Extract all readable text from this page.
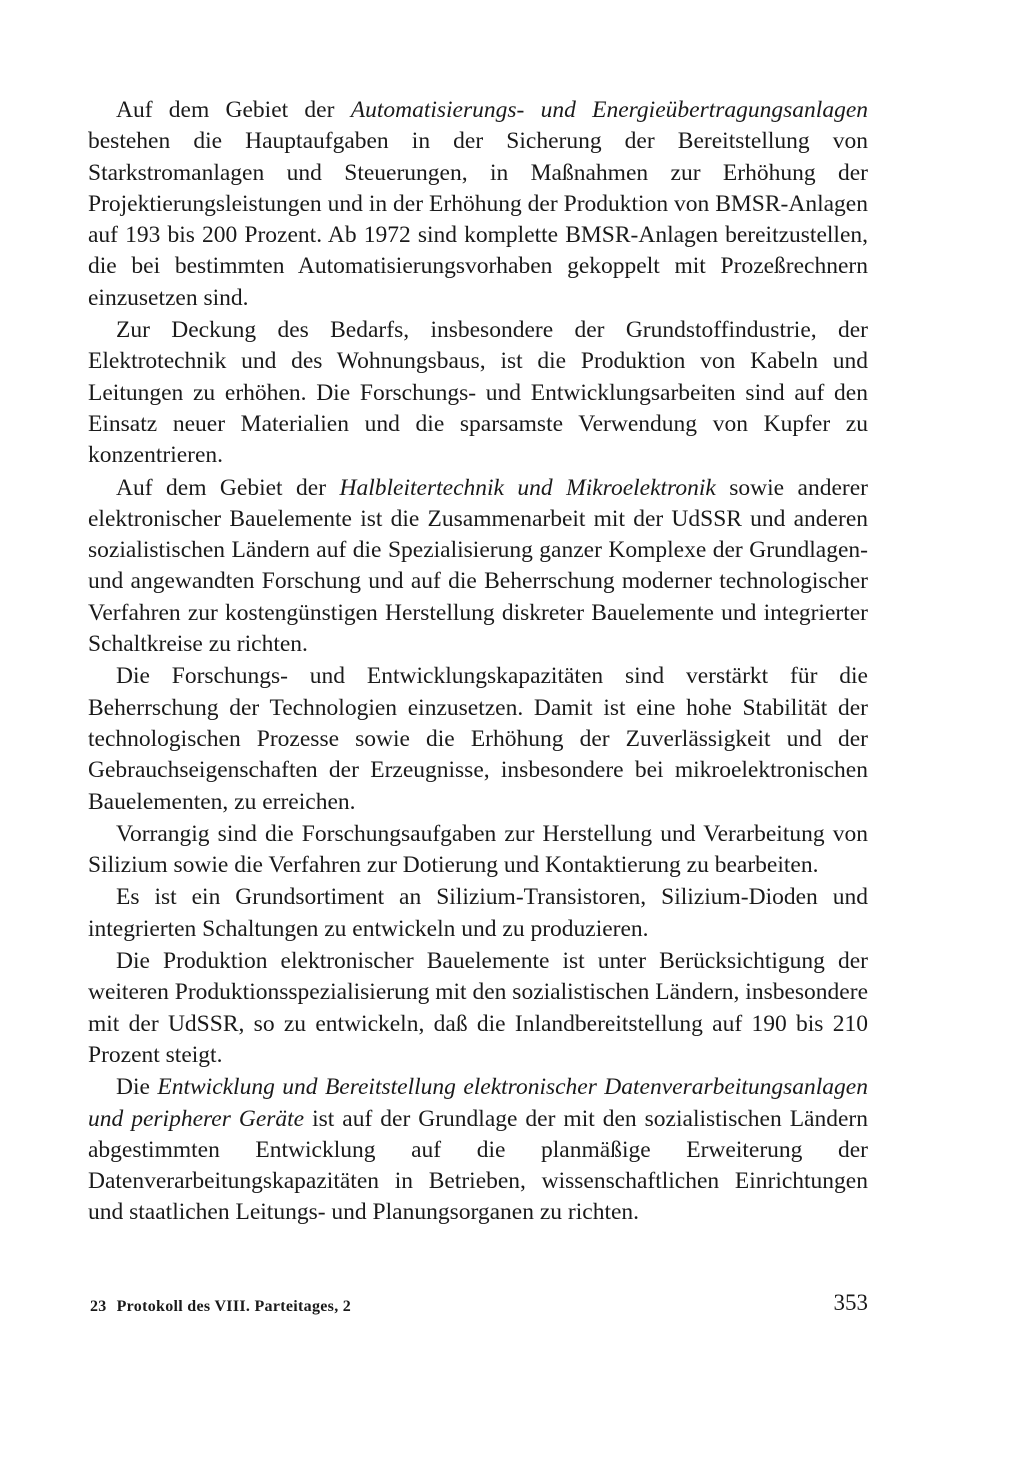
Auf dem Gebiet der Automatisierungs- und Energieübertragungsanlagen bestehen die Hauptaufgaben in der Sicherung der Bereitstellung von Starkstromanlagen und Steuerungen, in Maßnahmen zur Erhöhung der Projektierungsleistungen und in der Erhöhung der Produktion von BMSR-Anlagen auf 193 bis 200 Prozent. Ab 1972 sind komplette BMSR-Anlagen bereitzustellen, die bei bestimmten Automatisierungsvorhaben gekoppelt mit Prozeßrechnern einzusetzen sind.

Zur Deckung des Bedarfs, insbesondere der Grundstoffindustrie, der Elektrotechnik und des Wohnungsbaus, ist die Produktion von Kabeln und Leitungen zu erhöhen. Die Forschungs- und Entwicklungsarbeiten sind auf den Einsatz neuer Materialien und die sparsamste Verwendung von Kupfer zu konzentrieren.

Auf dem Gebiet der Halbleitertechnik und Mikroelektronik sowie anderer elektronischer Bauelemente ist die Zusammenarbeit mit der UdSSR und anderen sozialistischen Ländern auf die Spezialisierung ganzer Komplexe der Grundlagen- und angewandten Forschung und auf die Beherrschung moderner technologischer Verfahren zur kostengünstigen Herstellung diskreter Bauelemente und integrierter Schaltkreise zu richten.

Die Forschungs- und Entwicklungskapazitäten sind verstärkt für die Beherrschung der Technologien einzusetzen. Damit ist eine hohe Stabilität der technologischen Prozesse sowie die Erhöhung der Zuverlässigkeit und der Gebrauchseigenschaften der Erzeugnisse, insbesondere bei mikroelektronischen Bauelementen, zu erreichen.

Vorrangig sind die Forschungsaufgaben zur Herstellung und Verarbeitung von Silizium sowie die Verfahren zur Dotierung und Kontaktierung zu bearbeiten.

Es ist ein Grundsortiment an Silizium-Transistoren, Silizium-Dioden und integrierten Schaltungen zu entwickeln und zu produzieren.

Die Produktion elektronischer Bauelemente ist unter Berücksichtigung der weiteren Produktionsspezialisierung mit den sozialistischen Ländern, insbesondere mit der UdSSR, so zu entwickeln, daß die Inlandbereitstellung auf 190 bis 210 Prozent steigt.

Die Entwicklung und Bereitstellung elektronischer Datenverarbeitungsanlagen und peripherer Geräte ist auf der Grundlage der mit den sozialistischen Ländern abgestimmten Entwicklung auf die planmäßige Erweiterung der Datenverarbeitungskapazitäten in Betrieben, wissenschaftlichen Einrichtungen und staatlichen Leitungs- und Planungsorganen zu richten.

23 Protokoll des VIII. Parteitages, 2	353
